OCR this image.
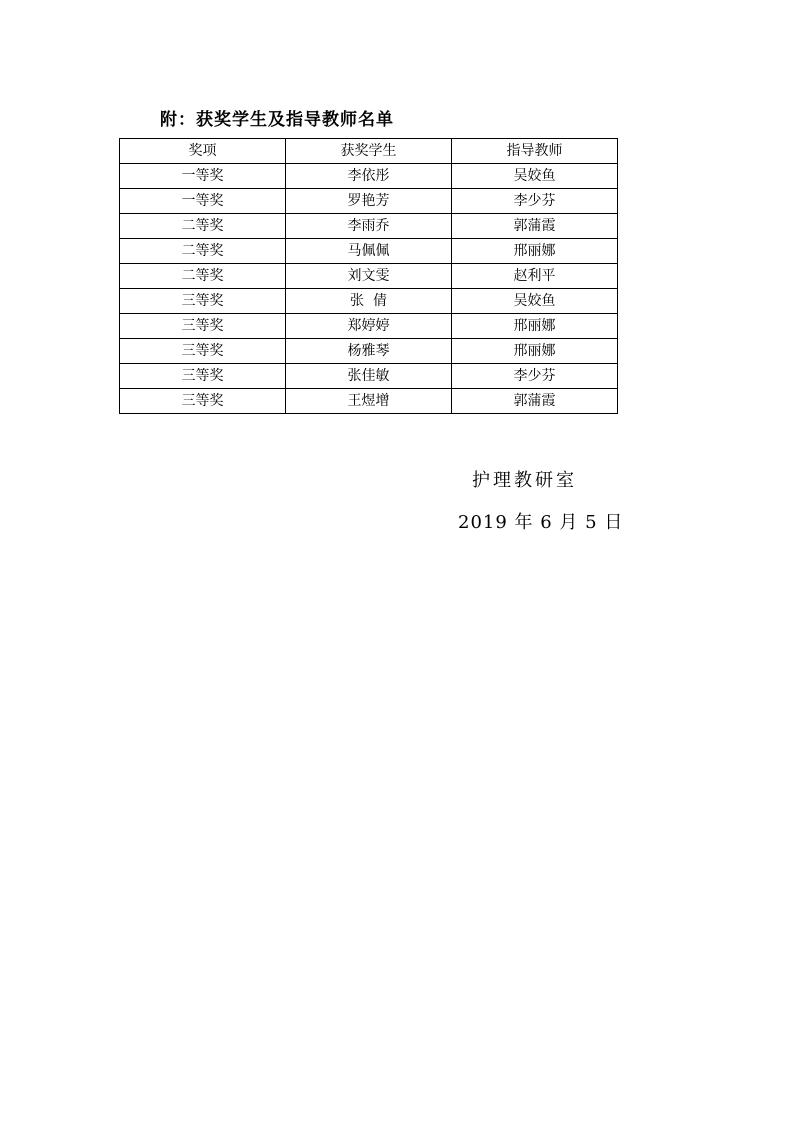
附：获奖学生及指导教师名单
奖项	获奖学生	指导教师
一等奖	李依彤	吴姣鱼
一等奖	罗艳芳	李少芬
二等奖	李雨乔	郭蒲霞
二等奖	马佩佩	邢丽娜
二等奖	刘文雯	赵利平
三等奖	张  倩	吴姣鱼
三等奖	郑婷婷	邢丽娜
三等奖	杨雅琴	邢丽娜
三等奖	张佳敏	李少芬
三等奖	王煜增	郭蒲霞
护理教研室
2019 年 6 月 5 日
